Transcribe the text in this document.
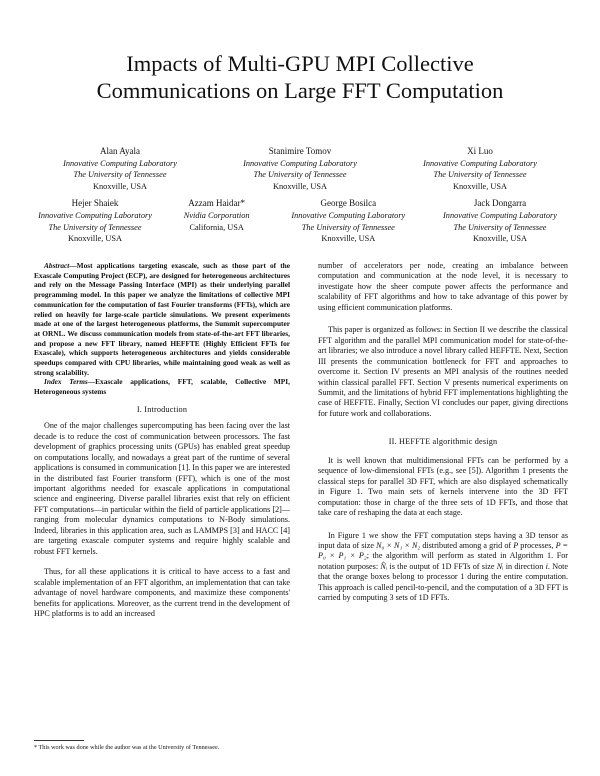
Impacts of Multi-GPU MPI Collective
Communications on Large FFT Computation
Alan Ayala
Innovative Computing Laboratory
The University of Tennessee
Knoxville, USA
Stanimire Tomov
Innovative Computing Laboratory
The University of Tennessee
Knoxville, USA
Xi Luo
Innovative Computing Laboratory
The University of Tennessee
Knoxville, USA
Hejer Shaiek
Innovative Computing Laboratory
The University of Tennessee
Knoxville, USA
Azzam Haidar*
Nvidia Corporation
California, USA
George Bosilca
Innovative Computing Laboratory
The University of Tennessee
Knoxville, USA
Jack Dongarra
Innovative Computing Laboratory
The University of Tennessee
Knoxville, USA

Abstract—Most applications targeting exascale, such as those part of the Exascale Computing Project (ECP), are designed for heterogeneous architectures and rely on the Message Passing Interface (MPI) as their underlying parallel programming model. In this paper we analyze the limitations of collective MPI communication for the computation of fast Fourier transforms (FFTs), which are relied on heavily for large-scale particle simulations. We present experiments made at one of the largest heterogeneous platforms, the Summit supercomputer at ORNL. We discuss communication models from state-of-the-art FFT libraries, and propose a new FFT library, named HEFFTE (Highly Efficient FFTs for Exascale), which supports heterogeneous architectures and yields considerable speedups compared with CPU libraries, while maintaining good weak as well as strong scalability.

Index Terms—Exascale applications, FFT, scalable, Collective MPI, Heterogeneous systems

I. Introduction

One of the major challenges supercomputing has been facing over the last decade is to reduce the cost of communication between processors. The fast development of graphics processing units (GPUs) has enabled great speedup on computations locally, and nowadays a great part of the runtime of several applications is consumed in communication [1]. In this paper we are interested in the distributed fast Fourier transform (FFT), which is one of the most important algorithms needed for exascale applications in computational science and engineering. Diverse parallel libraries exist that rely on efficient FFT computations—in particular within the field of particle applications [2]—ranging from molecular dynamics computations to N-Body simulations. Indeed, libraries in this application area, such as LAMMPS [3] and HACC [4] are targeting exascale computer systems and require highly scalable and robust FFT kernels.

Thus, for all these applications it is critical to have access to a fast and scalable implementation of an FFT algorithm, an implementation that can take advantage of novel hardware components, and maximize these components' benefits for applications. Moreover, as the current trend in the development of HPC platforms is to add an increased

number of accelerators per node, creating an imbalance between computation and communication at the node level, it is necessary to investigate how the sheer compute power affects the performance and scalability of FFT algorithms and how to take advantage of this power by using efficient communication platforms.

This paper is organized as follows: in Section II we describe the classical FFT algorithm and the parallel MPI communication model for state-of-the-art libraries; we also introduce a novel library called HEFFTE. Next, Section III presents the communication bottleneck for FFT and approaches to overcome it. Section IV presents an MPI analysis of the routines needed within classical parallel FFT. Section V presents numerical experiments on Summit, and the limitations of hybrid FFT implementations highlighting the case of HEFFTE. Finally, Section VI concludes our paper, giving directions for future work and collaborations.

II. HEFFTE algorithmic design

It is well known that multidimensional FFTs can be performed by a sequence of low-dimensional FFTs (e.g., see [5]). Algorithm 1 presents the classical steps for parallel 3D FFT, which are also displayed schematically in Figure 1. Two main sets of kernels intervene into the 3D FFT computation: those in charge of the three sets of 1D FFTs, and those that take care of reshaping the data at each stage.

In Figure 1 we show the FFT computation steps having a 3D tensor as input data of size N₀ × N₁ × N₂ distributed among a grid of P processes, P = P₀ × P₁ × P₂; the algorithm will perform as stated in Algorithm 1. For notation purposes: N̂ᵢ is the output of 1D FFTs of size Nᵢ in direction i. Note that the orange boxes belong to processor 1 during the entire computation. This approach is called pencil-to-pencil, and the computation of a 3D FFT is carried by computing 3 sets of 1D FFTs.

* This work was done while the author was at the University of Tennessee.
